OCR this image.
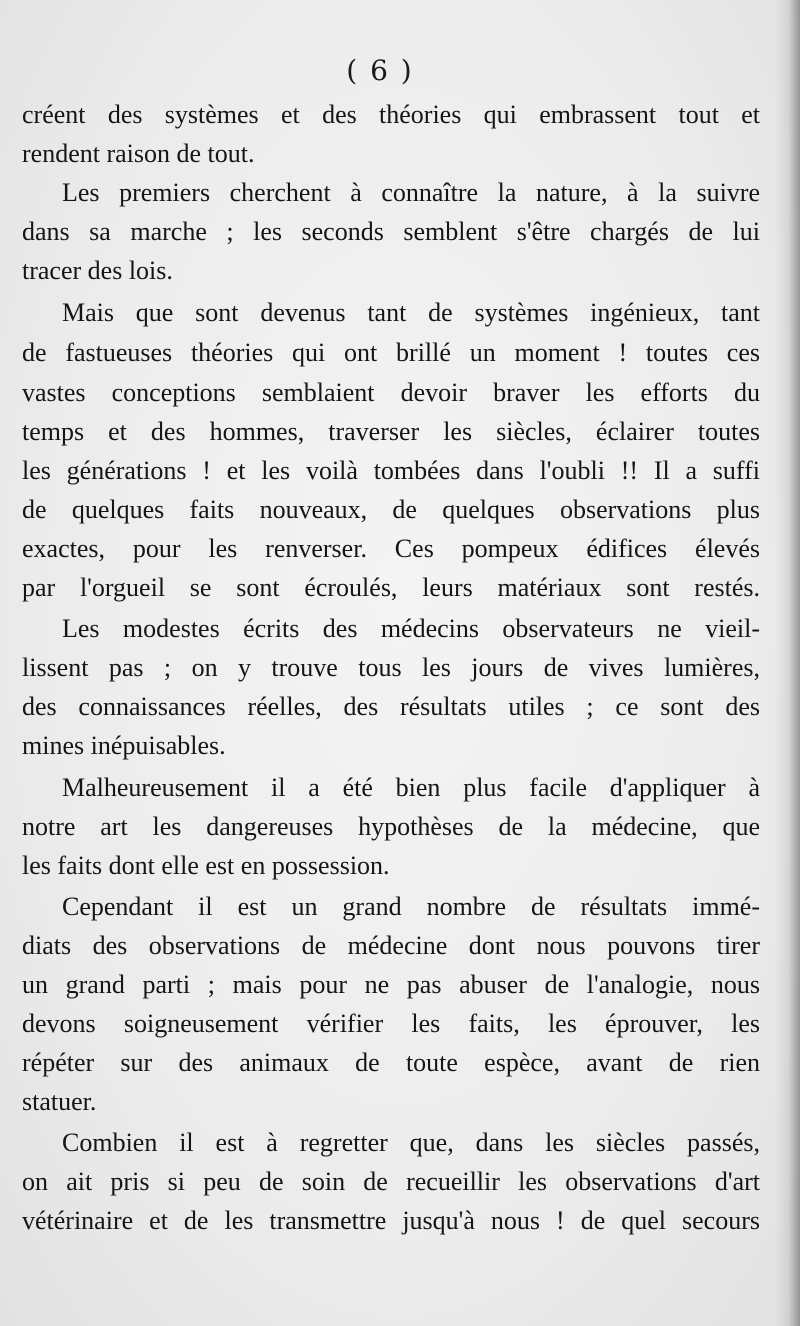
( 6 )
créent des systèmes et des théories qui embrassent tout et
rendent raison de tout.
Les premiers cherchent à connaître la nature, à la suivre
dans sa marche ; les seconds semblent s'être chargés de lui
tracer des lois.
Mais que sont devenus tant de systèmes ingénieux, tant
de fastueuses théories qui ont brillé un moment ! toutes ces
vastes conceptions semblaient devoir braver les efforts du
temps et des hommes, traverser les siècles, éclairer toutes
les générations ! et les voilà tombées dans l'oubli !! Il a suffi
de quelques faits nouveaux, de quelques observations plus
exactes, pour les renverser. Ces pompeux édifices élevés
par l'orgueil se sont écroulés, leurs matériaux sont restés.
Les modestes écrits des médecins observateurs ne vieil-
lissent pas ; on y trouve tous les jours de vives lumières,
des connaissances réelles, des résultats utiles ; ce sont des
mines inépuisables.
Malheureusement il a été bien plus facile d'appliquer à
notre art les dangereuses hypothèses de la médecine, que
les faits dont elle est en possession.
Cependant il est un grand nombre de résultats immé-
diats des observations de médecine dont nous pouvons tirer
un grand parti ; mais pour ne pas abuser de l'analogie, nous
devons soigneusement vérifier les faits, les éprouver, les
répéter sur des animaux de toute espèce, avant de rien
statuer.
Combien il est à regretter que, dans les siècles passés,
on ait pris si peu de soin de recueillir les observations d'art
vétérinaire et de les transmettre jusqu'à nous ! de quel secours
